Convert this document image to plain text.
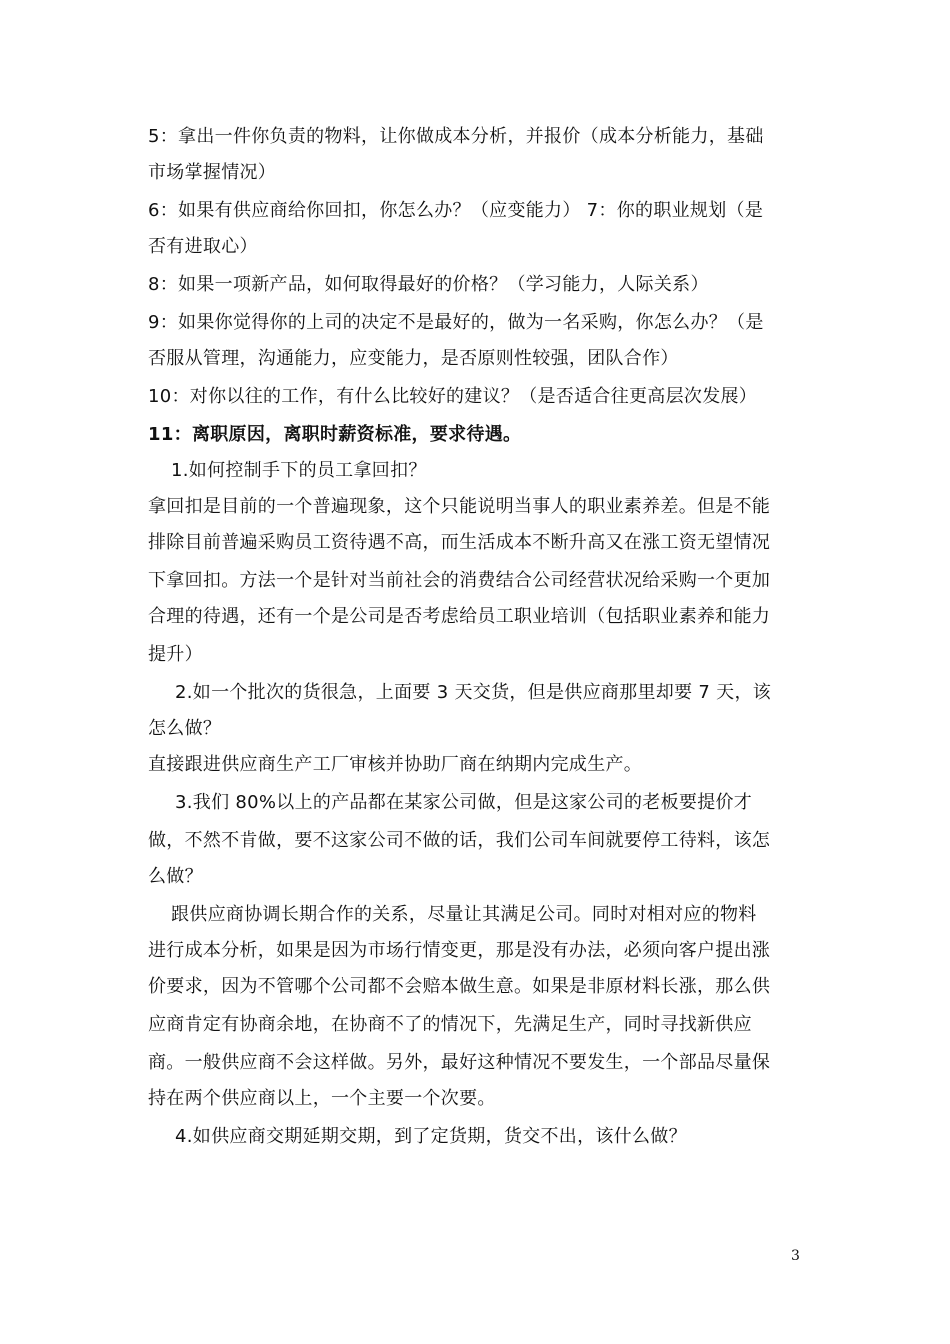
5：拿出一件你负责的物料，让你做成本分析，并报价（成本分析能力，基础
市场掌握情况）
6：如果有供应商给你回扣，你怎么办？（应变能力） 7：你的职业规划（是
否有进取心）
8：如果一项新产品，如何取得最好的价格？（学习能力，人际关系）
9：如果你觉得你的上司的决定不是最好的，做为一名采购，你怎么办？（是
否服从管理，沟通能力，应变能力，是否原则性较强，团队合作）
10：对你以往的工作，有什么比较好的建议？（是否适合往更高层次发展）
11：离职原因，离职时薪资标准，要求待遇。
1.如何控制手下的员工拿回扣？
拿回扣是目前的一个普遍现象，这个只能说明当事人的职业素养差。但是不能
排除目前普遍采购员工资待遇不高，而生活成本不断升高又在涨工资无望情况
下拿回扣。方法一个是针对当前社会的消费结合公司经营状况给采购一个更加
合理的待遇，还有一个是公司是否考虑给员工职业培训（包括职业素养和能力
提升）
2.如一个批次的货很急，上面要 3 天交货，但是供应商那里却要 7 天，该
怎么做？
直接跟进供应商生产工厂审核并协助厂商在纳期内完成生产。
3.我们 80%以上的产品都在某家公司做，但是这家公司的老板要提价才
做，不然不肯做，要不这家公司不做的话，我们公司车间就要停工待料，该怎
么做？
跟供应商协调长期合作的关系，尽量让其满足公司。同时对相对应的物料
进行成本分析，如果是因为市场行情变更，那是没有办法，必须向客户提出涨
价要求，因为不管哪个公司都不会赔本做生意。如果是非原材料长涨，那么供
应商肯定有协商余地，在协商不了的情况下，先满足生产，同时寻找新供应
商。一般供应商不会这样做。另外，最好这种情况不要发生，一个部品尽量保
持在两个供应商以上，一个主要一个次要。
4.如供应商交期延期交期，到了定货期，货交不出，该什么做？
3
